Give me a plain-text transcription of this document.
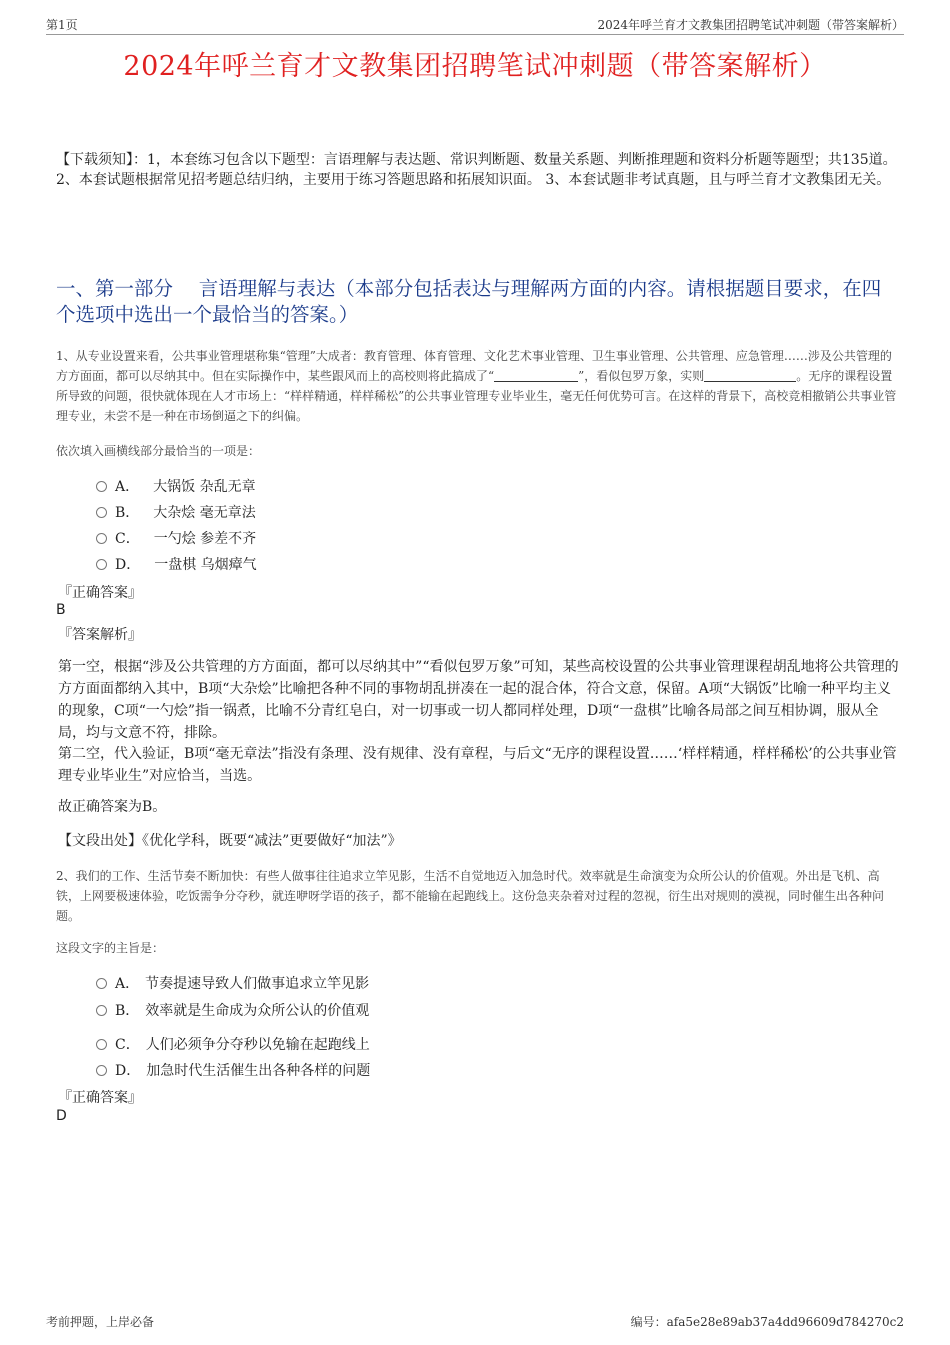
第1页	2024年呼兰育才文教集团招聘笔试冲刺题（带答案解析）
2024年呼兰育才文教集团招聘笔试冲刺题（带答案解析）
【下载须知】：1，本套练习包含以下题型：言语理解与表达题、常识判断题、数量关系题、判断推理题和资料分析题等题型；共135道。 2、本套试题根据常见招考题总结归纳，主要用于练习答题思路和拓展知识面。 3、本套试题非考试真题，且与呼兰育才文教集团无关。
一、第一部分　 言语理解与表达（本部分包括表达与理解两方面的内容。请根据题目要求，在四个选项中选出一个最恰当的答案。）
1、从专业设置来看，公共事业管理堪称集“管理”大成者：教育管理、体育管理、文化艺术事业管理、卫生事业管理、公共管理、应急管理……涉及公共管理的方方面面，都可以尽纳其中。但在实际操作中，某些跟风而上的高校则将此搞成了“	”，看似包罗万象，实则	。无序的课程设置所导致的问题，很快就体现在人才市场上：“样样精通，样样稀松”的公共事业管理专业毕业生，毫无任何优势可言。在这样的背景下，高校竞相撤销公共事业管理专业，未尝不是一种在市场倒逼之下的纠偏。
依次填入画横线部分最恰当的一项是：
A． 大锅饭 杂乱无章
B． 大杂烩 毫无章法
C． 一勺烩 参差不齐
D． 一盘棋 乌烟瘴气
『正确答案』
B
『答案解析』
第一空，根据“涉及公共管理的方方面面，都可以尽纳其中”“看似包罗万象”可知，某些高校设置的公共事业管理课程胡乱地将公共管理的方方面面都纳入其中，B项“大杂烩”比喻把各种不同的事物胡乱拼凑在一起的混合体，符合文意，保留。A项“大锅饭”比喻一种平均主义的现象，C项“一勺烩”指一锅煮，比喻不分青红皂白，对一切事或一切人都同样处理，D项“一盘棋”比喻各局部之间互相协调，服从全局，均与文意不符，排除。
第二空，代入验证，B项“毫无章法”指没有条理、没有规律、没有章程，与后文“无序的课程设置……‘样样精通，样样稀松’的公共事业管理专业毕业生”对应恰当，当选。
故正确答案为B。
【文段出处】《优化学科，既要“减法”更要做好“加法”》
2、我们的工作、生活节奏不断加快：有些人做事往往追求立竿见影，生活不自觉地迈入加急时代。效率就是生命演变为众所公认的价值观。外出是飞机、高铁，上网要极速体验，吃饭需争分夺秒，就连咿呀学语的孩子，都不能输在起跑线上。这份急夹杂着对过程的忽视，衍生出对规则的漠视，同时催生出各种问题。
这段文字的主旨是：
A． 节奏提速导致人们做事追求立竿见影
B． 效率就是生命成为众所公认的价值观
C． 人们必须争分夺秒以免输在起跑线上
D． 加急时代生活催生出各种各样的问题
『正确答案』
D
考前押题，上岸必备	编号：afa5e28e89ab37a4dd96609d784270c2
